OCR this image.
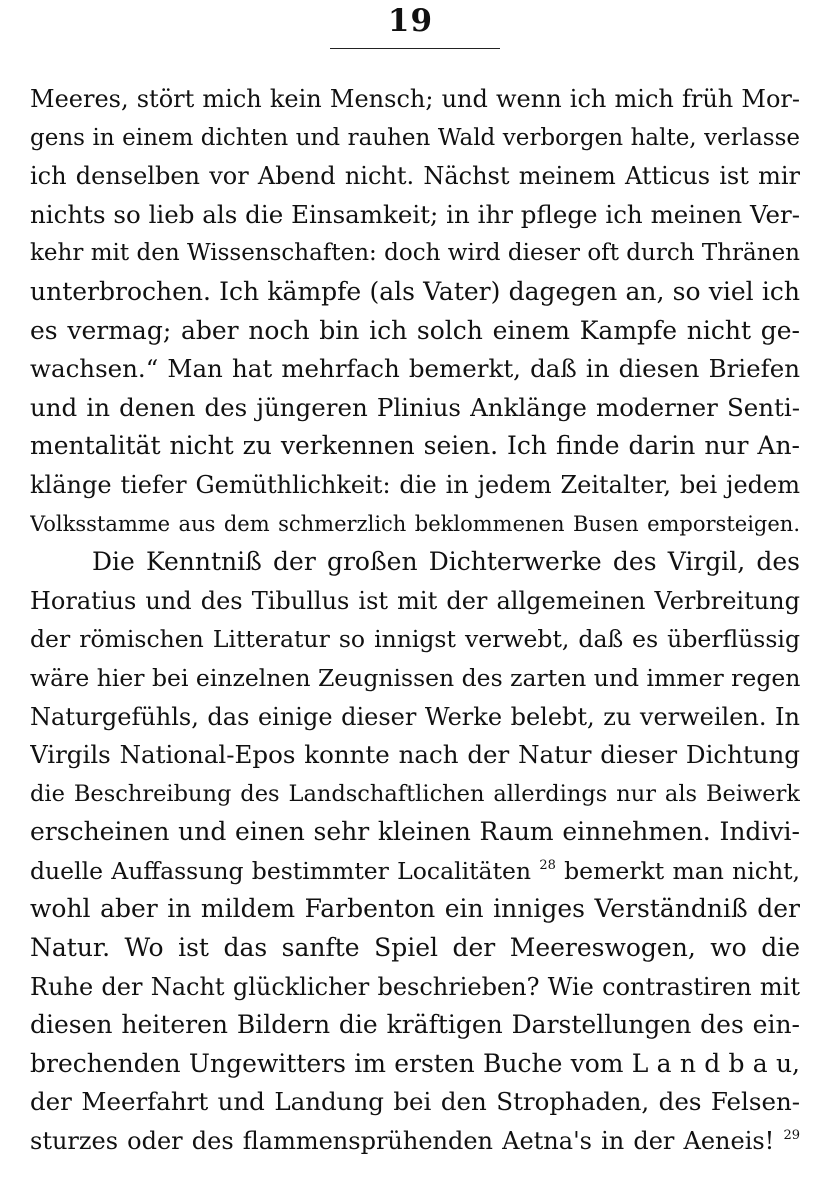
19
Meeres, stört mich kein Mensch; und wenn ich mich früh Mor-
gens in einem dichten und rauhen Wald verborgen halte, verlasse
ich denselben vor Abend nicht. Nächst meinem Atticus ist mir
nichts so lieb als die Einsamkeit; in ihr pflege ich meinen Ver-
kehr mit den Wissenschaften: doch wird dieser oft durch Thränen
unterbrochen. Ich kämpfe (als Vater) dagegen an, so viel ich
es vermag; aber noch bin ich solch einem Kampfe nicht ge-
wachsen.“ Man hat mehrfach bemerkt, daß in diesen Briefen
und in denen des jüngeren Plinius Anklänge moderner Senti-
mentalität nicht zu verkennen seien. Ich finde darin nur An-
klänge tiefer Gemüthlichkeit: die in jedem Zeitalter, bei jedem
Volksstamme aus dem schmerzlich beklommenen Busen emporsteigen.
Die Kenntniß der großen Dichterwerke des Virgil, des
Horatius und des Tibullus ist mit der allgemeinen Verbreitung
der römischen Litteratur so innigst verwebt, daß es überflüssig
wäre hier bei einzelnen Zeugnissen des zarten und immer regen
Naturgefühls, das einige dieser Werke belebt, zu verweilen. In
Virgils National-Epos konnte nach der Natur dieser Dichtung
die Beschreibung des Landschaftlichen allerdings nur als Beiwerk
erscheinen und einen sehr kleinen Raum einnehmen. Indivi-
duelle Auffassung bestimmter Localitäten $^{28}$ bemerkt man nicht,
wohl aber in mildem Farbenton ein inniges Verständniß der
Natur. Wo ist das sanfte Spiel der Meereswogen, wo die
Ruhe der Nacht glücklicher beschrieben? Wie contrastiren mit
diesen heiteren Bildern die kräftigen Darstellungen des ein-
brechenden Ungewitters im ersten Buche vom L a n d b a u,
der Meerfahrt und Landung bei den Strophaden, des Felsen-
sturzes oder des flammensprühenden Aetna's in der Aeneis! $^{29}$
